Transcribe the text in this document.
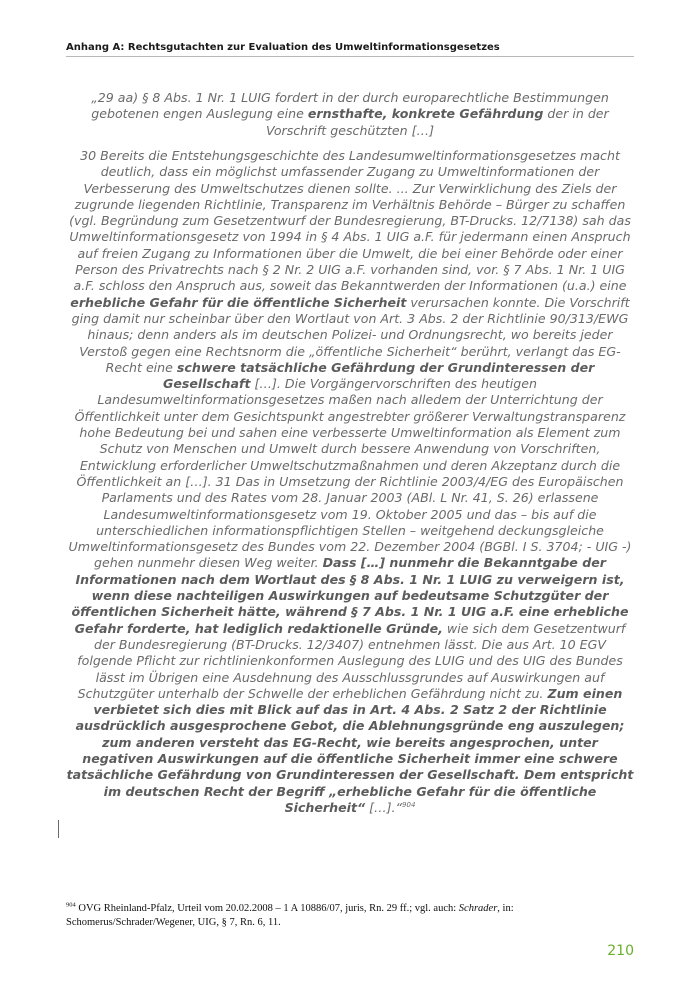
Anhang A: Rechtsgutachten zur Evaluation des Umweltinformationsgesetzes

„29 aa) § 8 Abs. 1 Nr. 1 LUIG fordert in der durch europarechtliche Bestimmungen gebotenen engen Auslegung eine ernsthafte, konkrete Gefährdung der in der Vorschrift geschützten […]

30 Bereits die Entstehungsgeschichte des Landesumweltinformationsgesetzes macht deutlich, dass ein möglichst umfassender Zugang zu Umweltinformationen der Verbesserung des Umweltschutzes dienen sollte. ... Zur Verwirklichung des Ziels der zugrunde liegenden Richtlinie, Transparenz im Verhältnis Behörde – Bürger zu schaffen (vgl. Begründung zum Gesetzentwurf der Bundesregierung, BT-Drucks. 12/7138) sah das Umweltinformationsgesetz von 1994 in § 4 Abs. 1 UIG a.F. für jedermann einen Anspruch auf freien Zugang zu Informationen über die Umwelt, die bei einer Behörde oder einer Person des Privatrechts nach § 2 Nr. 2 UIG a.F. vorhanden sind, vor. § 7 Abs. 1 Nr. 1 UIG a.F. schloss den Anspruch aus, soweit das Bekanntwerden der Informationen (u.a.) eine erhebliche Gefahr für die öffentliche Sicherheit verursachen konnte. Die Vorschrift ging damit nur scheinbar über den Wortlaut von Art. 3 Abs. 2 der Richtlinie 90/313/EWG hinaus; denn anders als im deutschen Polizei- und Ordnungsrecht, wo bereits jeder Verstoß gegen eine Rechtsnorm die „öffentliche Sicherheit“ berührt, verlangt das EG-Recht eine schwere tatsächliche Gefährdung der Grundinteressen der Gesellschaft […]. Die Vorgängervorschriften des heutigen Landesumweltinformationsgesetzes maßen nach alledem der Unterrichtung der Öffentlichkeit unter dem Gesichtspunkt angestrebter größerer Verwaltungstransparenz hohe Bedeutung bei und sahen eine verbesserte Umweltinformation als Element zum Schutz von Menschen und Umwelt durch bessere Anwendung von Vorschriften, Entwicklung erforderlicher Umweltschutzmaßnahmen und deren Akzeptanz durch die Öffentlichkeit an […]. 31 Das in Umsetzung der Richtlinie 2003/4/EG des Europäischen Parlaments und des Rates vom 28. Januar 2003 (ABl. L Nr. 41, S. 26) erlassene Landesumweltinformationsgesetz vom 19. Oktober 2005 und das – bis auf die unterschiedlichen informationspflichtigen Stellen – weitgehend deckungsgleiche Umweltinformationsgesetz des Bundes vom 22. Dezember 2004 (BGBl. I S. 3704; - UIG -) gehen nunmehr diesen Weg weiter. Dass […] nunmehr die Bekanntgabe der Informationen nach dem Wortlaut des § 8 Abs. 1 Nr. 1 LUIG zu verweigern ist, wenn diese nachteiligen Auswirkungen auf bedeutsame Schutzgüter der öffentlichen Sicherheit hätte, während § 7 Abs. 1 Nr. 1 UIG a.F. eine erhebliche Gefahr forderte, hat lediglich redaktionelle Gründe, wie sich dem Gesetzentwurf der Bundesregierung (BT-Drucks. 12/3407) entnehmen lässt. Die aus Art. 10 EGV folgende Pflicht zur richtlinienkonformen Auslegung des LUIG und des UIG des Bundes lässt im Übrigen eine Ausdehnung des Ausschlussgrundes auf Auswirkungen auf Schutzgüter unterhalb der Schwelle der erheblichen Gefährdung nicht zu. Zum einen verbietet sich dies mit Blick auf das in Art. 4 Abs. 2 Satz 2 der Richtlinie ausdrücklich ausgesprochene Gebot, die Ablehnungsgründe eng auszulegen; zum anderen versteht das EG-Recht, wie bereits angesprochen, unter negativen Auswirkungen auf die öffentliche Sicherheit immer eine schwere tatsächliche Gefährdung von Grundinteressen der Gesellschaft. Dem entspricht im deutschen Recht der Begriff „erhebliche Gefahr für die öffentliche Sicherheit“ […].“$^{904}$

$^{904}$ OVG Rheinland-Pfalz, Urteil vom 20.02.2008 – 1 A 10886/07, juris, Rn. 29 ff.; vgl. auch: Schrader, in: Schomerus/Schrader/Wegener, UIG, § 7, Rn. 6, 11.

210
